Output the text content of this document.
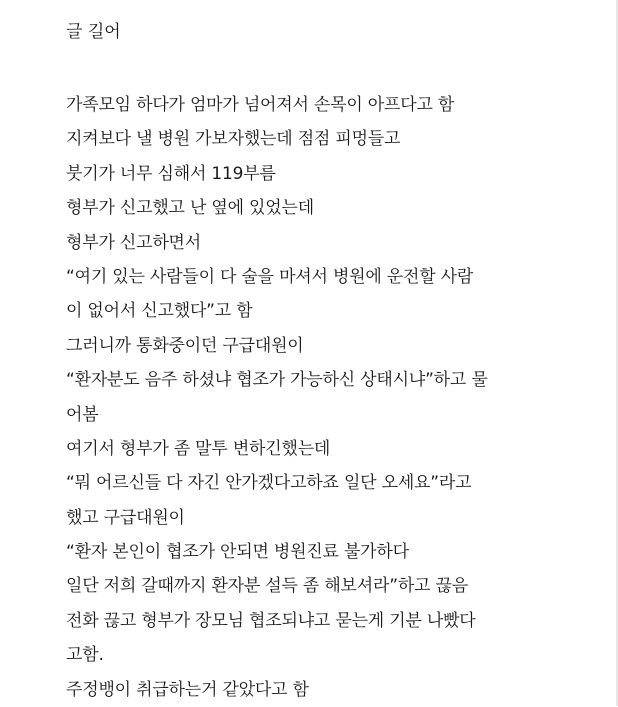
글 길어
가족모임 하다가 엄마가 넘어져서 손목이 아프다고 함
지켜보다 낼 병원 가보자했는데 점점 피멍들고
붓기가 너무 심해서 119부름
형부가 신고했고 난 옆에 있었는데
형부가 신고하면서
“여기 있는 사람들이 다 술을 마셔서 병원에 운전할 사람
이 없어서 신고했다”고 함
그러니까 통화중이던 구급대원이
“환자분도 음주 하셨냐 협조가 가능하신 상태시냐”하고 물
어봄
여기서 형부가 좀 말투 변하긴했는데
“뭐 어르신들 다 자긴 안가겠다고하죠 일단 오세요”라고
했고 구급대원이
“환자 본인이 협조가 안되면 병원진료 불가하다
일단 저희 갈때까지 환자분 설득 좀 해보셔라”하고 끊음
전화 끊고 형부가 장모님 협조되냐고 묻는게 기분 나빴다
고함.
주정뱅이 취급하는거 같았다고 함
